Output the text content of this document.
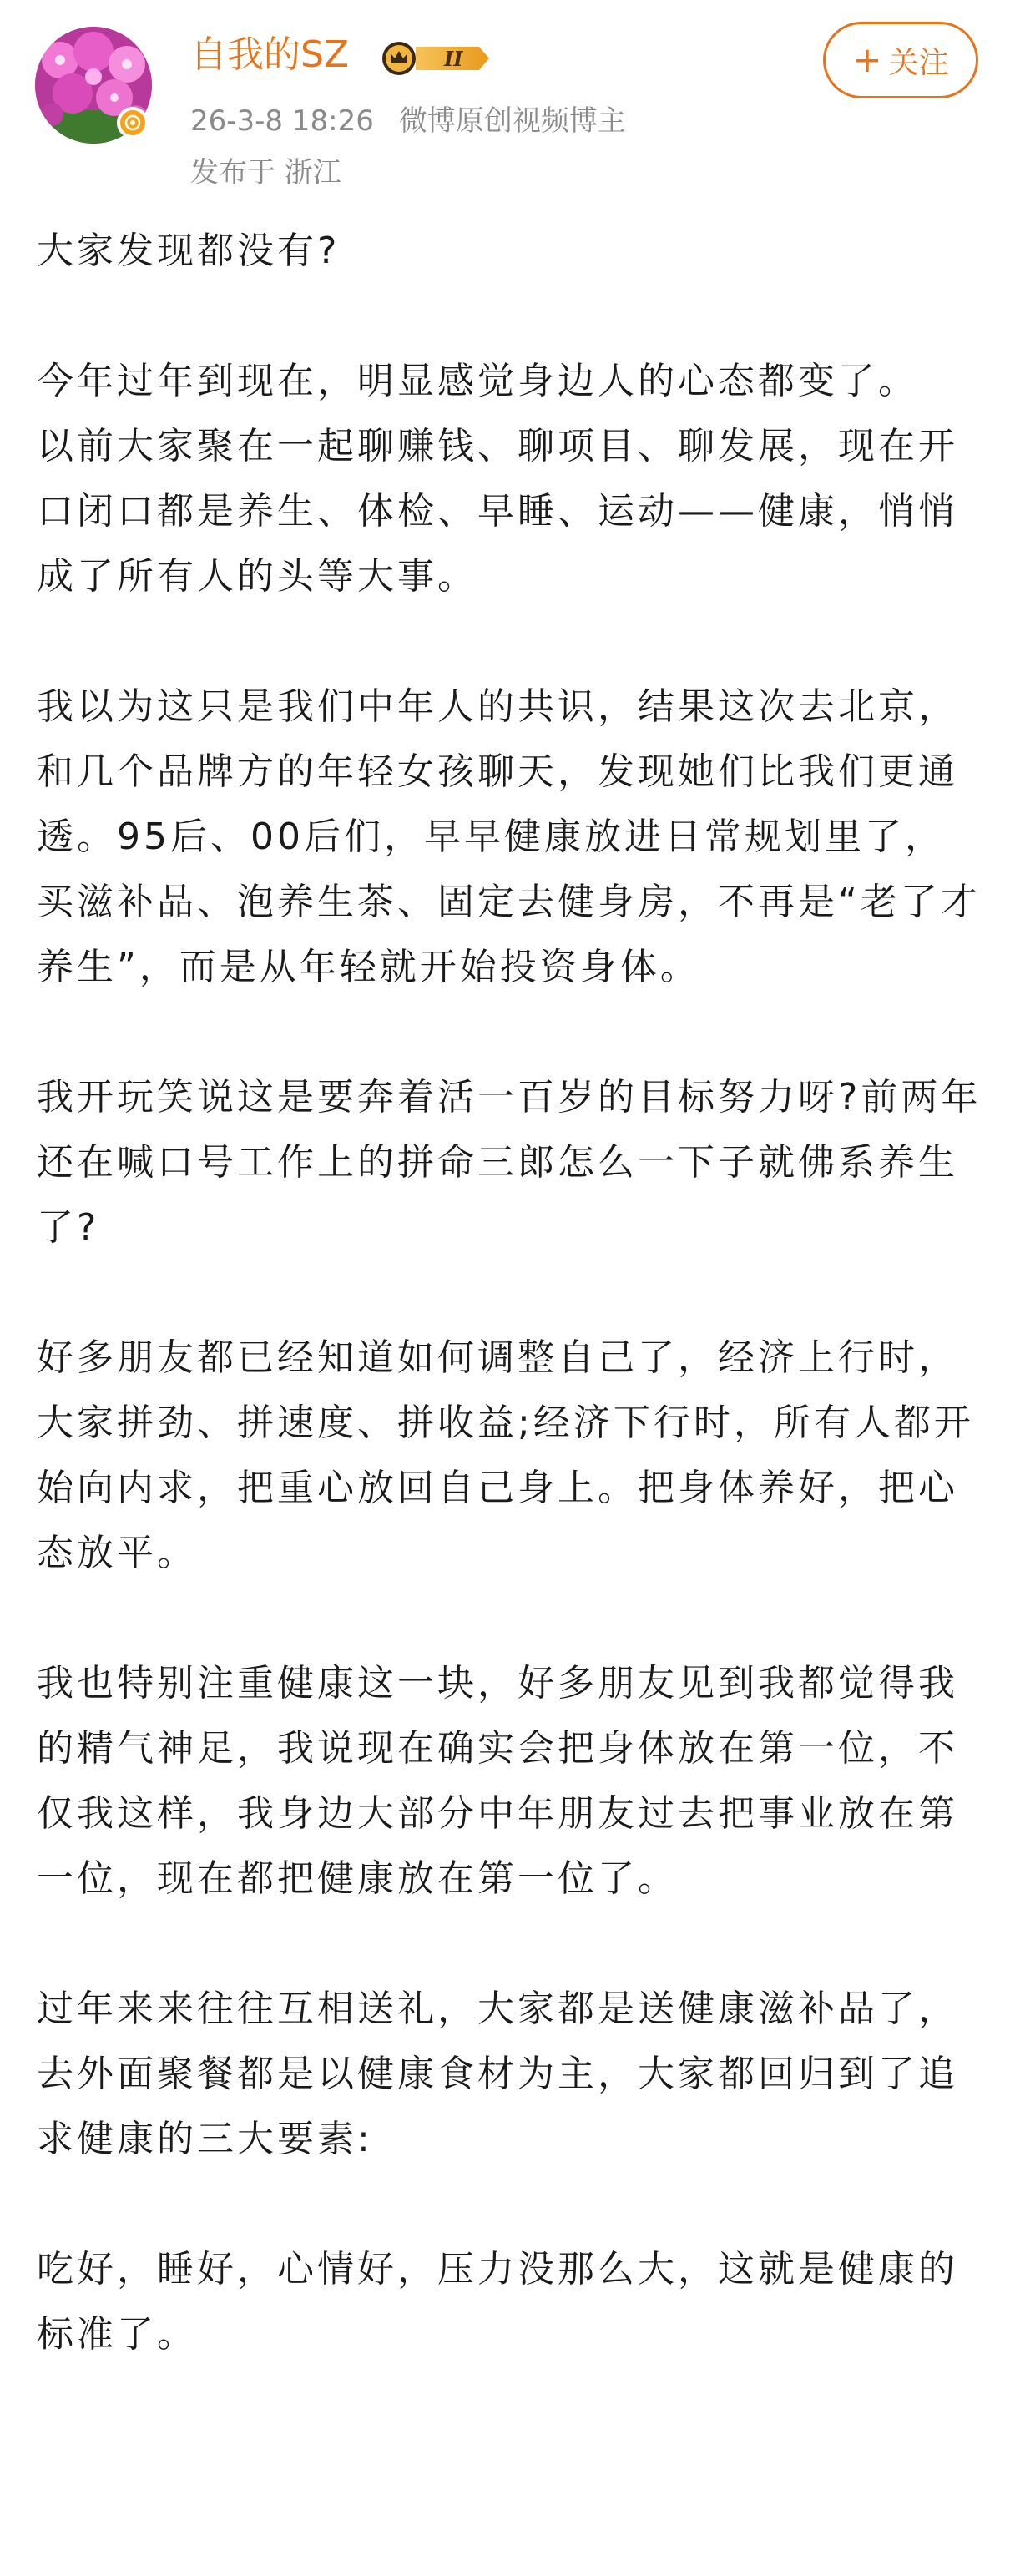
自我的SZ	II
26-3-8 18:26 微博原创视频博主
发布于 浙江
+ 关注

大家发现都没有?

今年过年到现在，明显感觉身边人的心态都变了。
以前大家聚在一起聊赚钱、聊项目、聊发展，现在开口闭口都是养生、体检、早睡、运动——健康，悄悄成了所有人的头等大事。

我以为这只是我们中年人的共识，结果这次去北京，和几个品牌方的年轻女孩聊天，发现她们比我们更通透。95后、00后们，早早健康放进日常规划里了，买滋补品、泡养生茶、固定去健身房，不再是“老了才养生”，而是从年轻就开始投资身体。

我开玩笑说这是要奔着活一百岁的目标努力呀?前两年还在喊口号工作上的拼命三郎怎么一下子就佛系养生了?

好多朋友都已经知道如何调整自己了，经济上行时，大家拼劲、拼速度、拼收益;经济下行时，所有人都开始向内求，把重心放回自己身上。把身体养好，把心态放平。

我也特别注重健康这一块，好多朋友见到我都觉得我的精气神足，我说现在确实会把身体放在第一位，不仅我这样，我身边大部分中年朋友过去把事业放在第一位，现在都把健康放在第一位了。

过年来来往往互相送礼，大家都是送健康滋补品了，去外面聚餐都是以健康食材为主，大家都回归到了追求健康的三大要素:

吃好，睡好，心情好，压力没那么大，这就是健康的标准了。
